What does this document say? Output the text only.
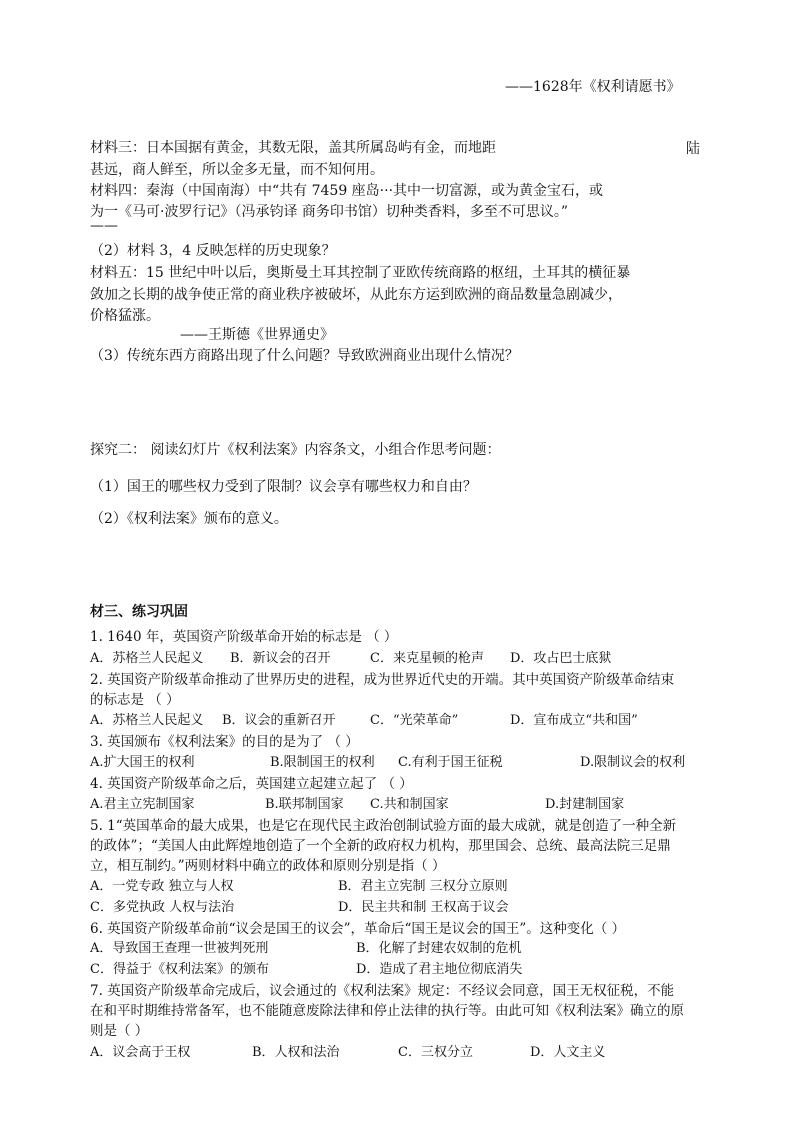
——1628年《权利请愿书》
材料三：日本国据有黄金，其数无限，盖其所属岛屿有金，而地距	陆
甚远，商人鲜至，所以金多无量，而不知何用。
材料四：秦海（中国南海）中“共有 7459 座岛···其中一切富源，或为黄金宝石，或
为一《马可·波罗行记》（冯承钧译 商务印书馆）切种类香料，多至不可思议。”
——
（2）材料 3，4 反映怎样的历史现象？
材料五：15 世纪中叶以后，奥斯曼土耳其控制了亚欧传统商路的枢纽，土耳其的横征暴
敛加之长期的战争使正常的商业秩序被破坏，从此东方运到欧洲的商品数量急剧减少，
价格猛涨。
——王斯德《世界通史》
（3）传统东西方商路出现了什么问题？导致欧洲商业出现什么情况？
探究二： 阅读幻灯片《权利法案》内容条文，小组合作思考问题：
（1）国王的哪些权力受到了限制？议会享有哪些权力和自由？
（2）《权利法案》颁布的意义。
材三、练习巩固
1. 1640 年，英国资产阶级革命开始的标志是 （ ）
A．苏格兰人民起义 B．新议会的召开	C．来克星顿的枪声 D．攻占巴士底狱
2. 英国资产阶级革命推动了世界历史的进程，成为世界近代史的开端。其中英国资产阶级革命结束
的标志是 （ ）
A．苏格兰人民起义 B．议会的重新召开	C．“光荣革命”	D．宣布成立“共和国”
3. 英国颁布《权利法案》的目的是为了 （ ）
A.扩大国王的权利	B.限制国王的权利 C.有利于国王征税	D.限制议会的权利
4. 英国资产阶级革命之后，英国建立起建立起了 （ ）
A.君主立宪制国家	B.联邦制国家 C.共和制国家	D.封建制国家
5. 1“英国革命的最大成果，也是它在现代民主政治创制试验方面的最大成就，就是创造了一种全新
的政体”；“美国人由此辉煌地创造了一个全新的政府权力机构，那里国会、总统、最高法院三足鼎
立，相互制约。”两则材料中确立的政体和原则分别是指（ ）
A．一党专政 独立与人权	B．君主立宪制 三权分立原则
C．多党执政 人权与法治	D．民主共和制 王权高于议会
6. 英国资产阶级革命前“议会是国王的议会”，革命后“国王是议会的国王”。这种变化（ ）
A．导致国王查理一世被判死刑	B．化解了封建农奴制的危机
C．得益于《权利法案》的颁布	D．造成了君主地位彻底消失
7. 英国资产阶级革命完成后，议会通过的《权利法案》规定：不经议会同意，国王无权征税，不能
在和平时期维持常备军，也不能随意废除法律和停止法律的执行等。由此可知《权利法案》确立的原
则是（ ）
A．议会高于王权	B．人权和法治	C．三权分立	D．人文主义
